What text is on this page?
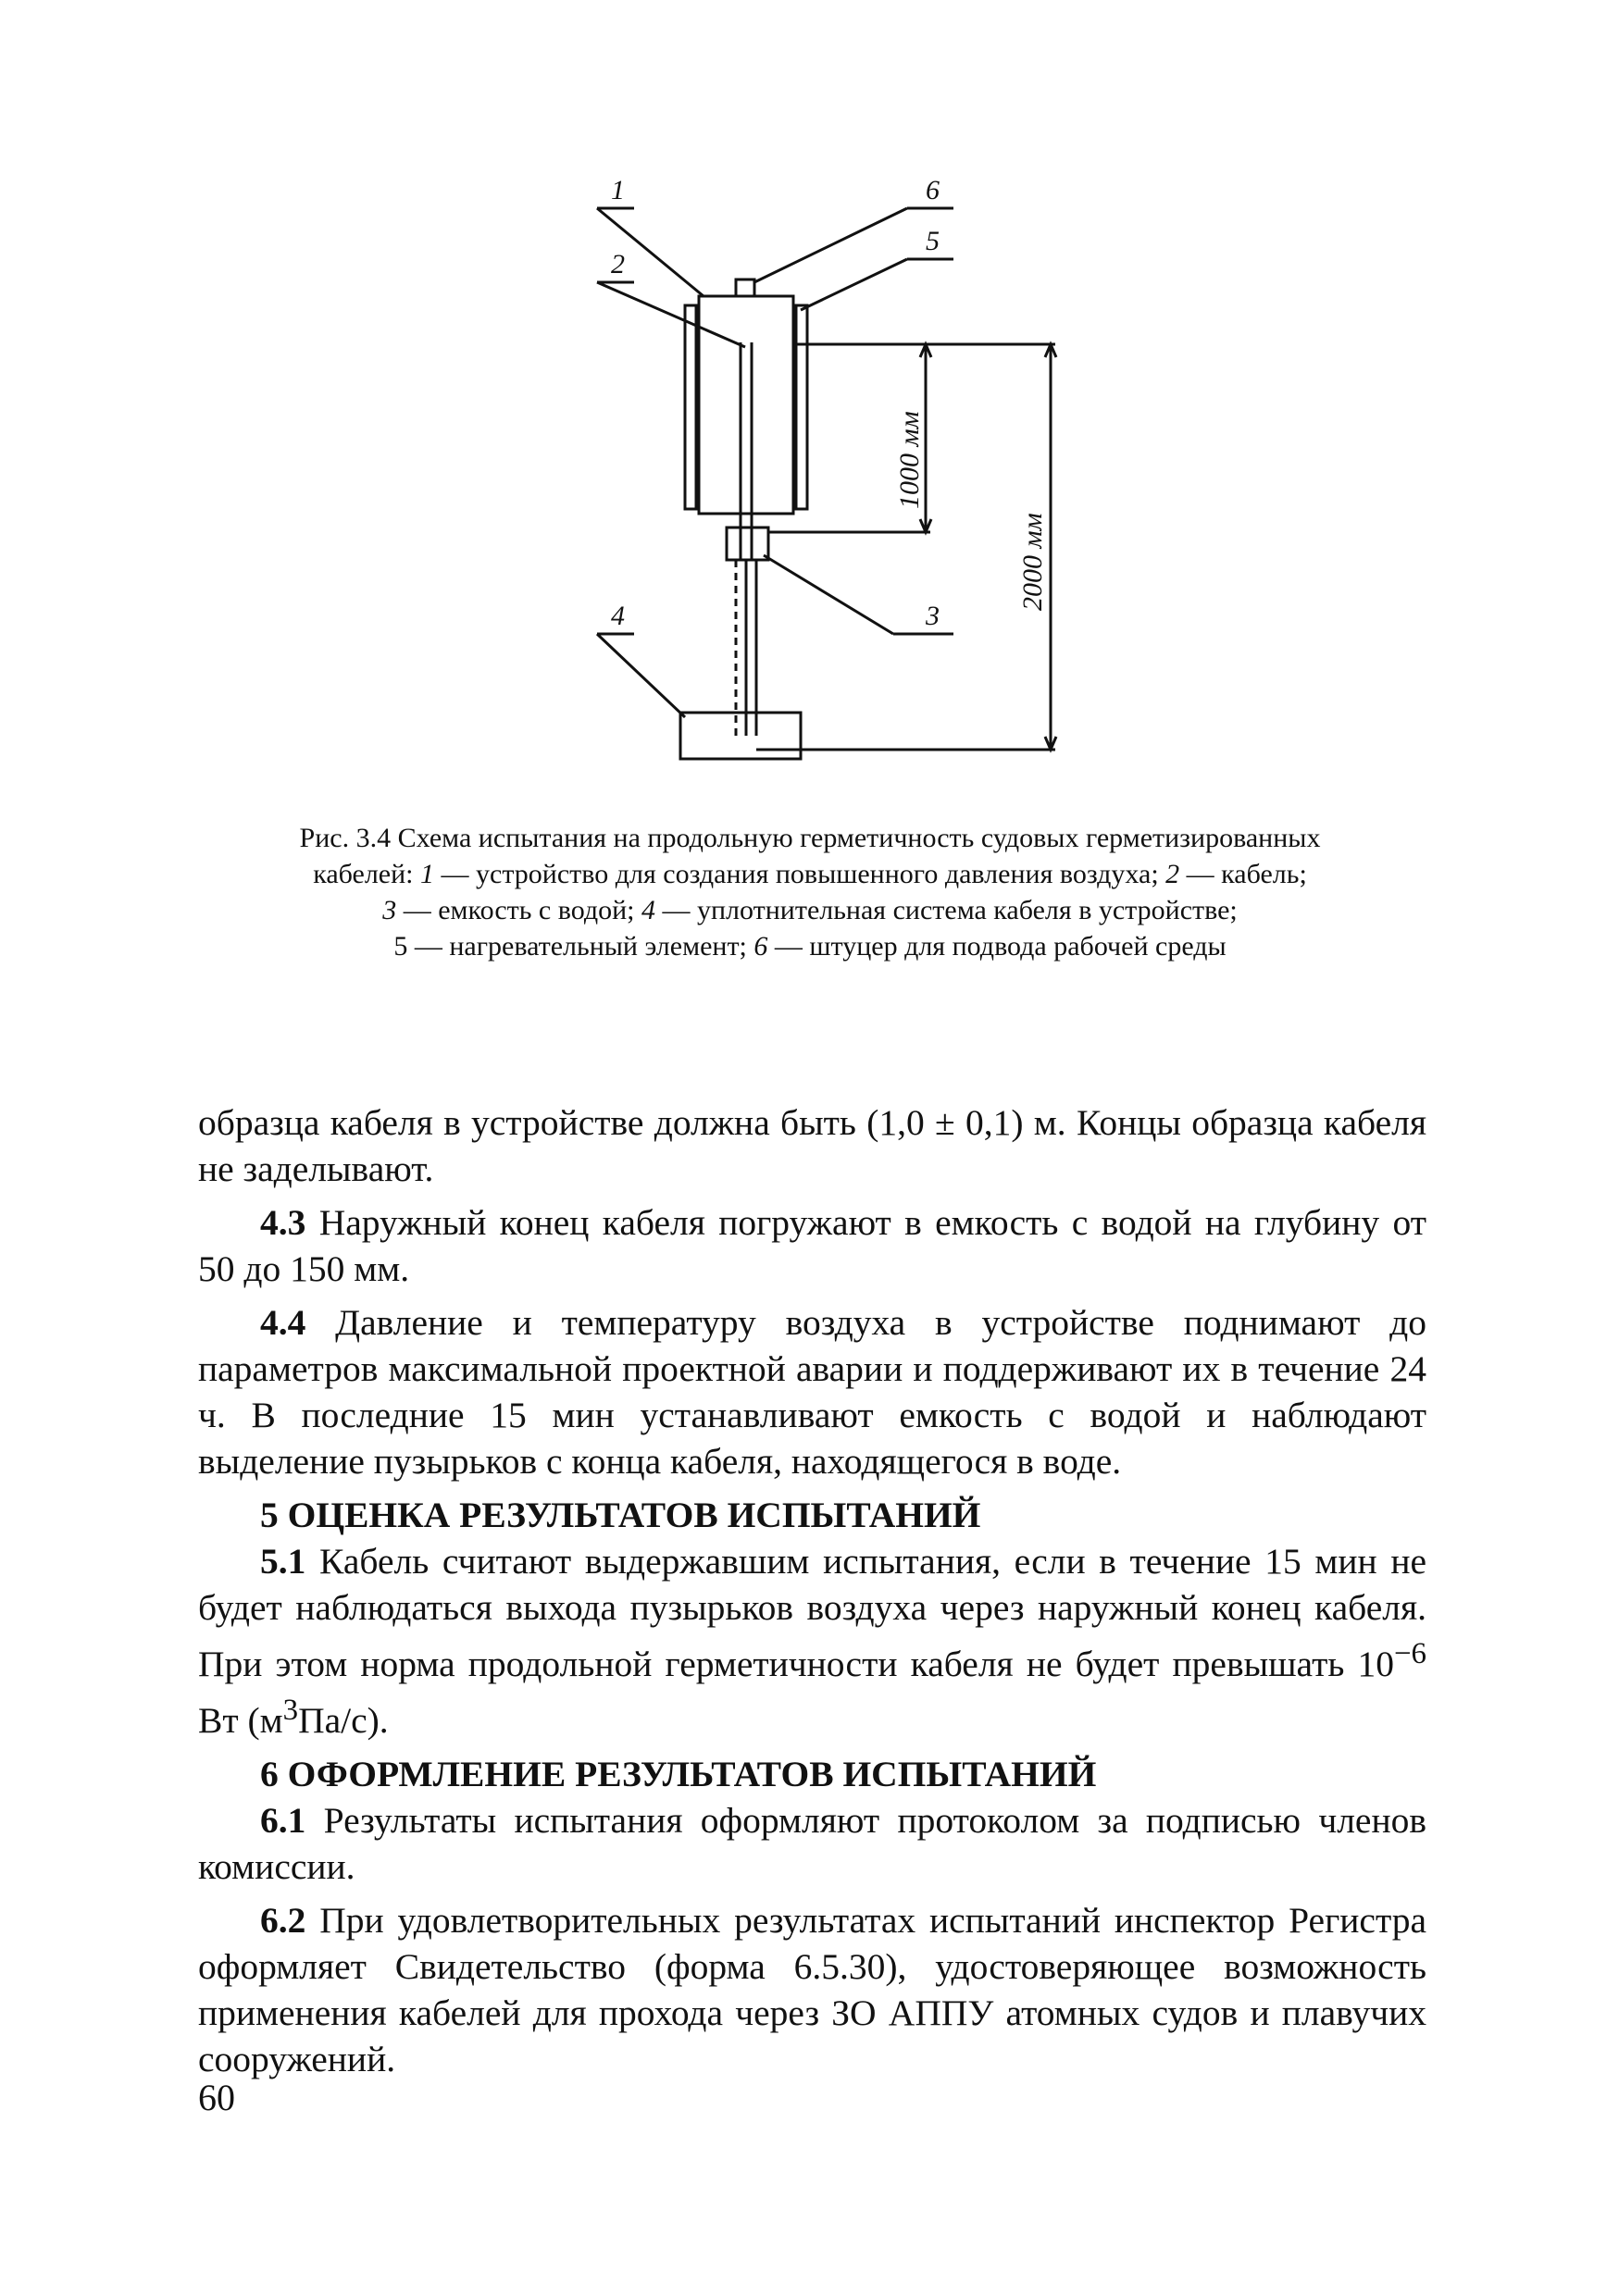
1000 мм
2000 мм
1
2
6
5
3
4
Рис. 3.4 Схема испытания на продольную герметичность судовых герметизированных
кабелей: 1 — устройство для создания повышенного давления воздуха; 2 — кабель;
3 — емкость с водой; 4 — уплотнительная система кабеля в устройстве;
5 — нагревательный элемент; 6 — штуцер для подвода рабочей среды

образца кабеля в устройстве должна быть (1,0 ± 0,1) м. Концы образца кабеля не заделывают.

4.3 Наружный конец кабеля погружают в емкость с водой на глубину от 50 до 150 мм.

4.4 Давление и температуру воздуха в устройстве поднимают до параметров максимальной проектной аварии и поддерживают их в течение 24 ч. В последние 15 мин устанавливают емкость с водой и наблюдают выделение пузырьков с конца кабеля, находящегося в воде.

5 ОЦЕНКА РЕЗУЛЬТАТОВ ИСПЫТАНИЙ

5.1 Кабель считают выдержавшим испытания, если в течение 15 мин не будет наблюдаться выхода пузырьков воздуха через наружный конец кабеля. При этом норма продольной герметичности кабеля не будет превышать $10^{-6}$ Вт $(м^3Па/с)$.

6 ОФОРМЛЕНИЕ РЕЗУЛЬТАТОВ ИСПЫТАНИЙ

6.1 Результаты испытания оформляют протоколом за подписью членов комиссии.

6.2 При удовлетворительных результатах испытаний инспектор Регистра оформляет Свидетельство (форма 6.5.30), удостоверяющее возможность применения кабелей для прохода через ЗО АППУ атомных судов и плавучих сооружений.

60
